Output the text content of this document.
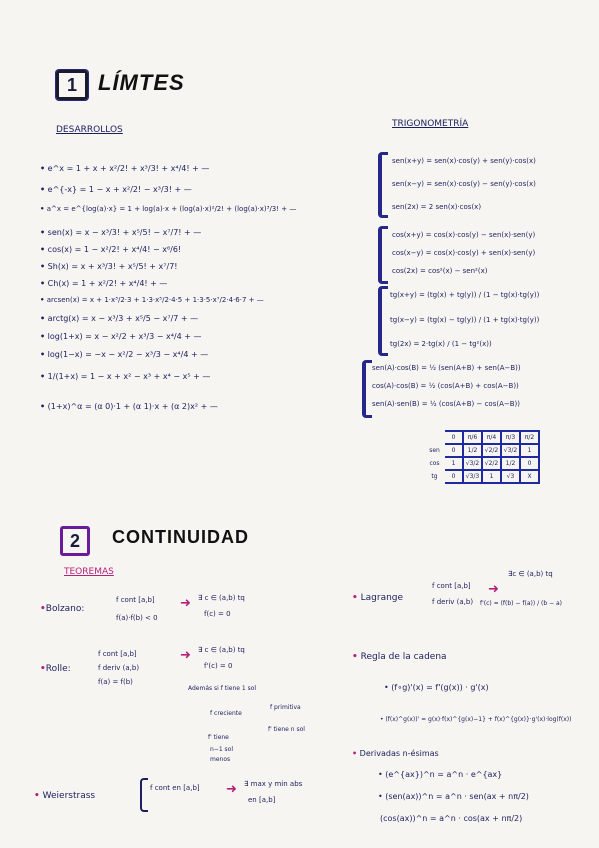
1 LÍMTES
DESARROLLOS
TRIGONOMETRÍA
• e^x = 1 + x + x²/2! + x³/3! + x⁴/4! + —
• e^{-x} = 1 − x + x²/2! − x³/3! + —
• a^x = e^{log(a)·x} = 1 + log(a)·x + (log(a)·x)²/2! + (log(a)·x)³/3! + —
• sen(x) = x − x³/3! + x⁵/5! − x⁷/7! + —
• cos(x) = 1 − x²/2! + x⁴/4! − x⁶/6!
• Sh(x) = x + x³/3! + x⁵/5! + x⁷/7!
• Ch(x) = 1 + x²/2! + x⁴/4! + —
• arcsen(x) = x + 1·x³/2·3 + 1·3·x⁵/2·4·5 + 1·3·5·x⁷/2·4·6·7 + —
• arctg(x) = x − x³/3 + x⁵/5 − x⁷/7 + —
• log(1+x) = x − x²/2 + x³/3 − x⁴/4 + —
• log(1−x) = −x − x²/2 − x³/3 − x⁴/4 + —
• 1/(1+x) = 1 − x + x² − x³ + x⁴ − x⁵ + —
• (1+x)^α = (α 0)·1 + (α 1)·x + (α 2)x² + —
sen(x+y) = sen(x)·cos(y) + sen(y)·cos(x)
sen(x−y) = sen(x)·cos(y) − sen(y)·cos(x)
sen(2x) = 2 sen(x)·cos(x)
cos(x+y) = cos(x)·cos(y) − sen(x)·sen(y)
cos(x−y) = cos(x)·cos(y) + sen(x)·sen(y)
cos(2x) = cos²(x) − sen²(x)
tg(x+y) = (tg(x) + tg(y)) / (1 − tg(x)·tg(y))
tg(x−y) = (tg(x) − tg(y)) / (1 + tg(x)·tg(y))
tg(2x) = 2·tg(x) / (1 − tg²(x))
sen(A)·cos(B) = ½ (sen(A+B) + sen(A−B))
cos(A)·cos(B) = ½ (cos(A+B) + cos(A−B))
sen(A)·sen(B) = ½ (cos(A+B) − cos(A−B))
	0	π/6	π/4	π/3	π/2
sen	0	1/2	√2/2	√3/2	1
cos	1	√3/2	√2/2	1/2	0
tg	0	√3/3	1	√3	X
2	CONTINUIDAD
TEOREMAS
•Bolzano:
f cont [a,b]
f(a)·f(b) < 0
➜ ∃ c ∈ (a,b) tq
f(c) = 0
•Rolle:
f cont [a,b]
f deriv (a,b)
f(a) = f(b)
➜ ∃ c ∈ (a,b) tq
f'(c) = 0
Además si f tiene 1 sol
f creciente
f primitiva
f' tiene
f' tiene n sol
n−1 sol
menos
• Weierstrass
f cont en [a,b] ➜ ∃ max y min abs
en [a,b]
• Lagrange
f cont [a,b]
f deriv (a,b)
➜
∃c ∈ (a,b) tq
f'(c) = (f(b) − f(a)) / (b − a)
• Regla de la cadena
• (f∘g)'(x) = f'(g(x)) · g'(x)
• (f(x)^g(x))' = g(x)·f(x)^{g(x)−1} + f(x)^{g(x)}·g'(x)·log(f(x))
• Derivadas n-ésimas
• (e^{ax})^n = a^n · e^{ax}
• (sen(ax))^n = a^n · sen(ax + nπ/2)
(cos(ax))^n = a^n · cos(ax + nπ/2)
